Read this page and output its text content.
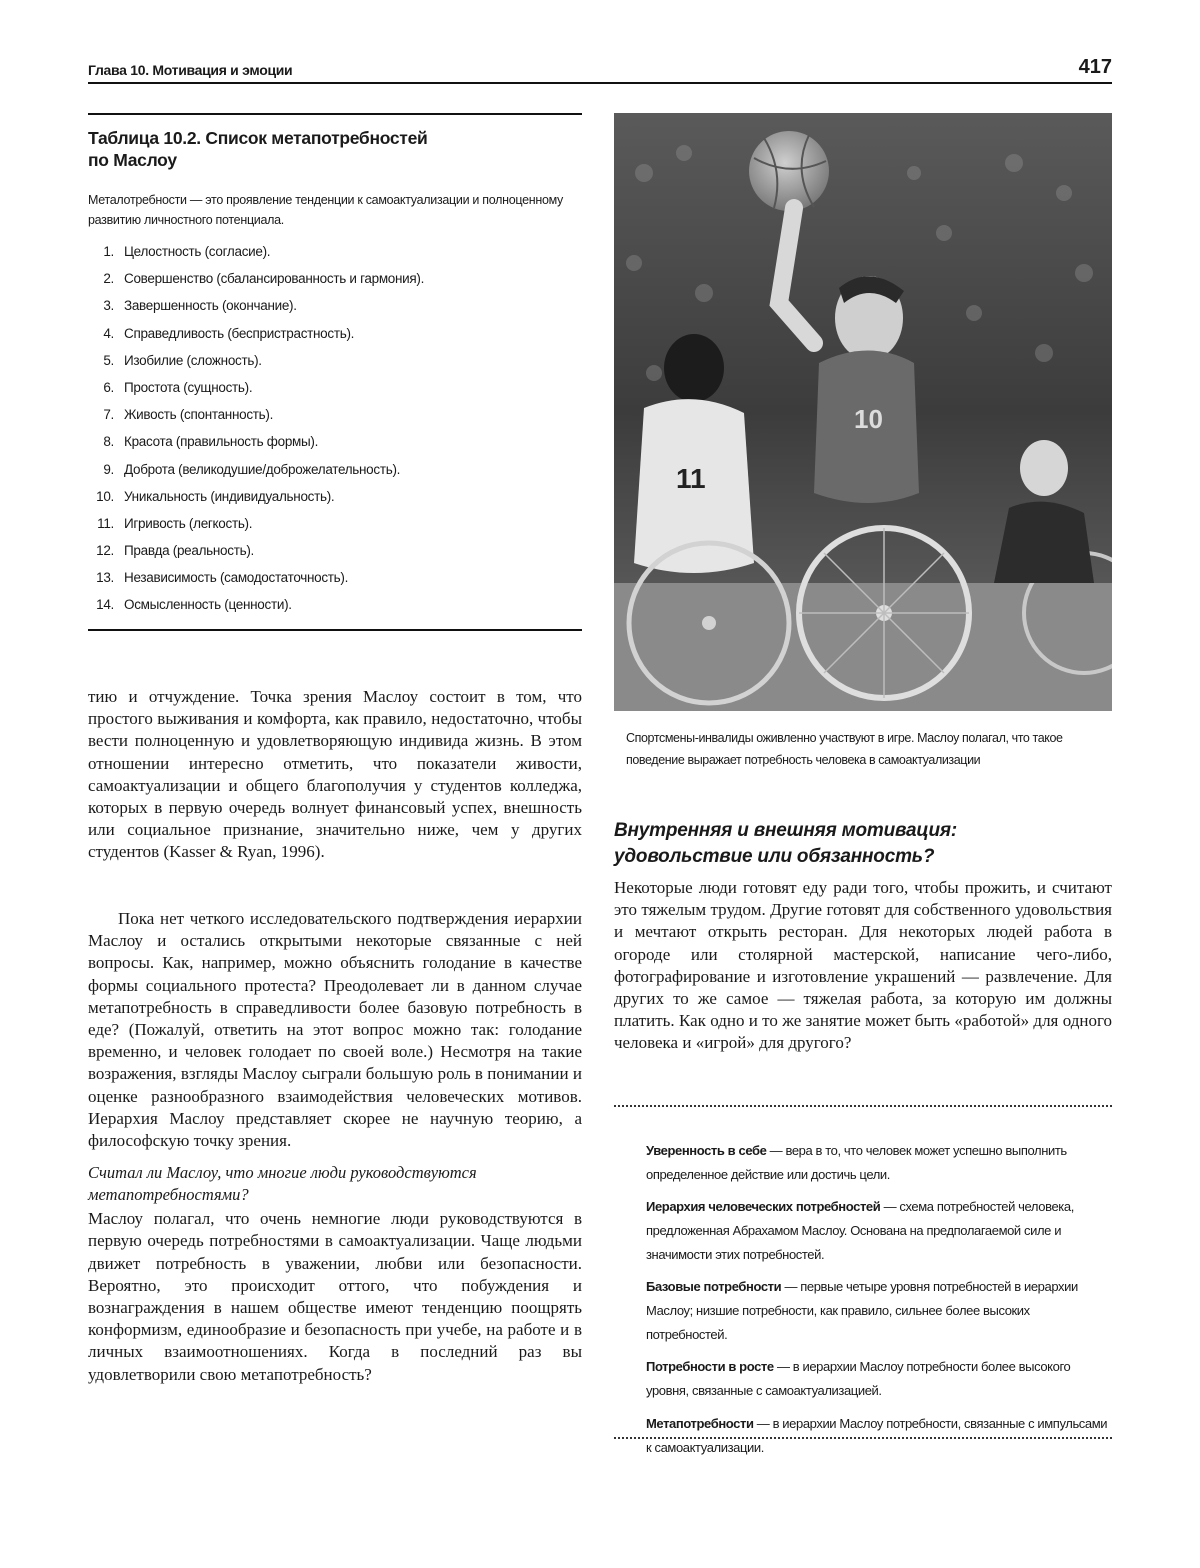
Глава 10. Мотивация и эмоции	417
Таблица 10.2. Список метапотребностей
по Маслоу
Металотребности — это проявление тенденции к самоактуализации и полноценному развитию личностного потенциала.
1. Целостность (согласие).
2. Совершенство (сбалансированность и гармония).
3. Завершенность (окончание).
4. Справедливость (беспристрастность).
5. Изобилие (сложность).
6. Простота (сущность).
7. Живость (спонтанность).
8. Красота (правильность формы).
9. Доброта (великодушие/доброжелательность).
10. Уникальность (индивидуальность).
11. Игривость (легкость).
12. Правда (реальность).
13. Независимость (самодостаточность).
14. Осмысленность (ценности).

тию и отчуждение. Точка зрения Маслоу состоит в том, что простого выживания и комфорта, как правило, недостаточно, чтобы вести полноценную и удовлетворяющую индивида жизнь. В этом отношении интересно отметить, что показатели живости, самоактуализации и общего благополучия у студентов колледжа, которых в первую очередь волнует финансовый успех, внешность или социальное признание, значительно ниже, чем у других студентов (Kasser & Ryan, 1996).

Пока нет четкого исследовательского подтверждения иерархии Маслоу и остались открытыми некоторые связанные с ней вопросы. Как, например, можно объяснить голодание в качестве формы социального протеста? Преодолевает ли в данном случае метапотребность в справедливости более базовую потребность в еде? (Пожалуй, ответить на этот вопрос можно так: голодание временно, и человек голодает по своей воле.) Несмотря на такие возражения, взгляды Маслоу сыграли большую роль в понимании и оценке разнообразного взаимодействия человеческих мотивов. Иерархия Маслоу представляет скорее не научную теорию, а философскую точку зрения.

Считал ли Маслоу, что многие люди руководствуются метапотребностями?

Маслоу полагал, что очень немногие люди руководствуются в первую очередь потребностями в самоактуализации. Чаще людьми движет потребность в уважении, любви или безопасности. Вероятно, это происходит оттого, что побуждения и вознаграждения в нашем обществе имеют тенденцию поощрять конформизм, единообразие и безопасность при учебе, на работе и в личных взаимоотношениях. Когда в последний раз вы удовлетворили свою метапотребность?

10
11
Спортсмены-инвалиды оживленно участвуют в игре. Маслоу полагал, что такое поведение выражает потребность человека в самоактуализации
Внутренняя и внешняя мотивация:
удовольствие или обязанность?

Некоторые люди готовят еду ради того, чтобы прожить, и считают это тяжелым трудом. Другие готовят для собственного удовольствия и мечтают открыть ресторан. Для некоторых людей работа в огороде или столярной мастерской, написание чего-либо, фотографирование и изготовление украшений — развлечение. Для других то же самое — тяжелая работа, за которую им должны платить. Как одно и то же занятие может быть «работой» для одного человека и «игрой» для другого?

Уверенность в себе — вера в то, что человек может успешно выполнить определенное действие или достичь цели.
Иерархия человеческих потребностей — схема потребностей человека, предложенная Абрахамом Маслоу. Основана на предполагаемой силе и значимости этих потребностей.
Базовые потребности — первые четыре уровня потребностей в иерархии Маслоу; низшие потребности, как правило, сильнее более высоких потребностей.
Потребности в росте — в иерархии Маслоу потребности более высокого уровня, связанные с самоактуализацией.
Метапотребности — в иерархии Маслоу потребности, связанные с импульсами к самоактуализации.
